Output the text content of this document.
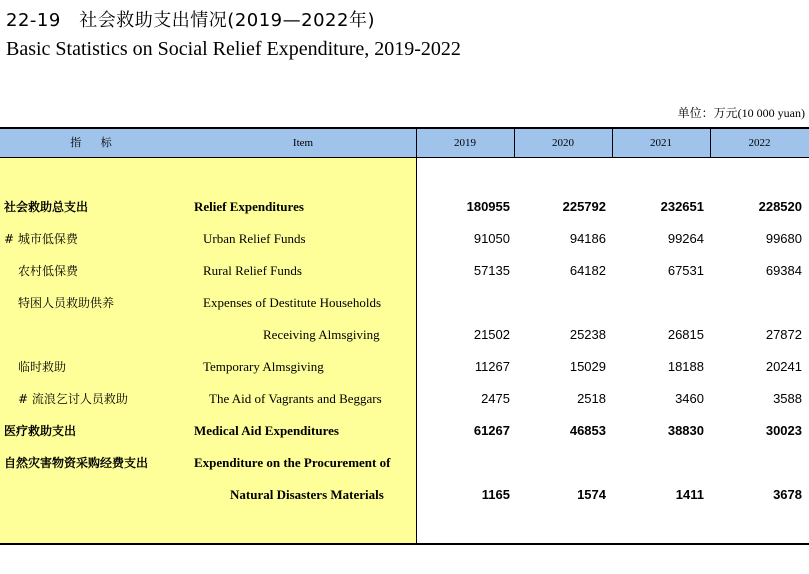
22-19　社会救助支出情况(2019—2022年)
Basic Statistics on Social Relief Expenditure, 2019-2022
单位：万元(10 000 yuan)
指 标	Item	2019	2020	2021	2022
社会救助总支出	Relief Expenditures	180955	225792	232651	228520
# 城市低保费	Urban Relief Funds	91050	94186	99264	99680
农村低保费	Rural Relief Funds	57135	64182	67531	69384
特困人员救助供养	Expenses of Destitute Households
Receiving Almsgiving	21502	25238	26815	27872
临时救助	Temporary Almsgiving	11267	15029	18188	20241
# 流浪乞讨人员救助	The Aid of Vagrants and Beggars	2475	2518	3460	3588
医疗救助支出	Medical Aid Expenditures	61267	46853	38830	30023
自然灾害物资采购经费支出	Expenditure on the Procurement of
Natural Disasters Materials	1165	1574	1411	3678
